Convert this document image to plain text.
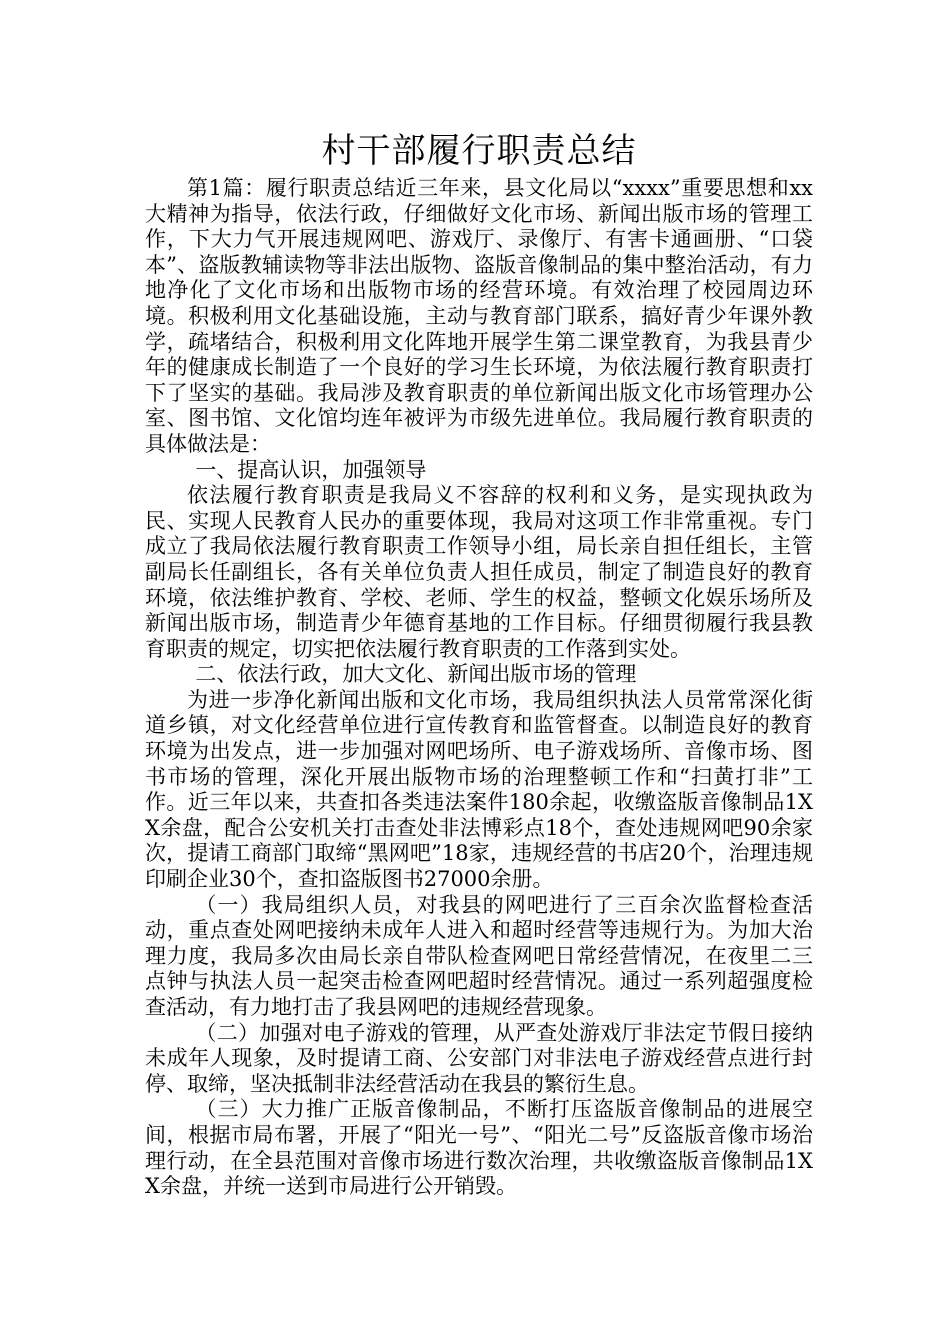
村干部履行职责总结

第1篇：履行职责总结近三年来，县文化局以“xxxx”重要思想和xx大精神为指导，依法行政，仔细做好文化市场、新闻出版市场的管理工作，下大力气开展违规网吧、游戏厅、录像厅、有害卡通画册、“口袋本”、盗版教辅读物等非法出版物、盗版音像制品的集中整治活动，有力地净化了文化市场和出版物市场的经营环境。有效治理了校园周边环境。积极利用文化基础设施，主动与教育部门联系，搞好青少年课外教学，疏堵结合，积极利用文化阵地开展学生第二课堂教育，为我县青少年的健康成长制造了一个良好的学习生长环境，为依法履行教育职责打下了坚实的基础。我局涉及教育职责的单位新闻出版文化市场管理办公室、图书馆、文化馆均连年被评为市级先进单位。我局履行教育职责的具体做法是：

一、提高认识，加强领导

依法履行教育职责是我局义不容辞的权利和义务，是实现执政为民、实现人民教育人民办的重要体现，我局对这项工作非常重视。专门成立了我局依法履行教育职责工作领导小组，局长亲自担任组长，主管副局长任副组长，各有关单位负责人担任成员，制定了制造良好的教育环境，依法维护教育、学校、老师、学生的权益，整顿文化娱乐场所及新闻出版市场，制造青少年德育基地的工作目标。仔细贯彻履行我县教育职责的规定，切实把依法履行教育职责的工作落到实处。

二、依法行政，加大文化、新闻出版市场的管理

为进一步净化新闻出版和文化市场，我局组织执法人员常常深化街道乡镇，对文化经营单位进行宣传教育和监管督查。以制造良好的教育环境为出发点，进一步加强对网吧场所、电子游戏场所、音像市场、图书市场的管理，深化开展出版物市场的治理整顿工作和“扫黄打非”工作。近三年以来，共查扣各类违法案件180余起，收缴盗版音像制品1XX余盘，配合公安机关打击查处非法博彩点18个，查处违规网吧90余家次，提请工商部门取缔“黑网吧”18家，违规经营的书店20个，治理违规印刷企业30个，查扣盗版图书27000余册。

（一）我局组织人员，对我县的网吧进行了三百余次监督检查活动，重点查处网吧接纳未成年人进入和超时经营等违规行为。为加大治理力度，我局多次由局长亲自带队检查网吧日常经营情况，在夜里二三点钟与执法人员一起突击检查网吧超时经营情况。通过一系列超强度检查活动，有力地打击了我县网吧的违规经营现象。

（二）加强对电子游戏的管理，从严查处游戏厅非法定节假日接纳未成年人现象，及时提请工商、公安部门对非法电子游戏经营点进行封停、取缔，坚决抵制非法经营活动在我县的繁衍生息。

（三）大力推广正版音像制品，不断打压盗版音像制品的进展空间，根据市局布署，开展了“阳光一号”、“阳光二号”反盗版音像市场治理行动，在全县范围对音像市场进行数次治理，共收缴盗版音像制品1XX余盘，并统一送到市局进行公开销毁。
